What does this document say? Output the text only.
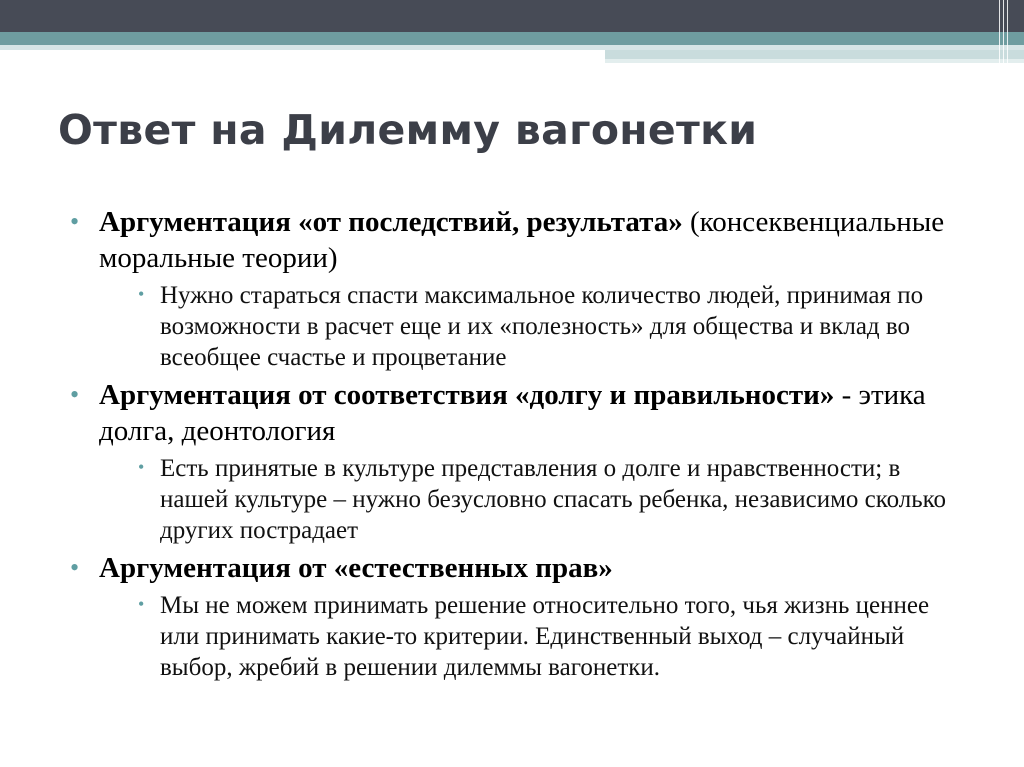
Ответ на Дилемму вагонетки
• Аргументация «от последствий, результата» (консеквенциальные моральные теории)
• Нужно стараться спасти максимальное количество людей, принимая по возможности в расчет еще и их «полезность» для общества и вклад во всеобщее счастье и процветание
• Аргументация от соответствия «долгу и правильности» - этика долга, деонтология
• Есть принятые в культуре представления о долге и нравственности; в нашей культуре – нужно безусловно спасать ребенка, независимо сколько других пострадает
• Аргументация от «естественных прав»
• Мы не можем принимать решение относительно того, чья жизнь ценнее или принимать какие-то критерии. Единственный выход – случайный выбор, жребий в решении дилеммы вагонетки.
